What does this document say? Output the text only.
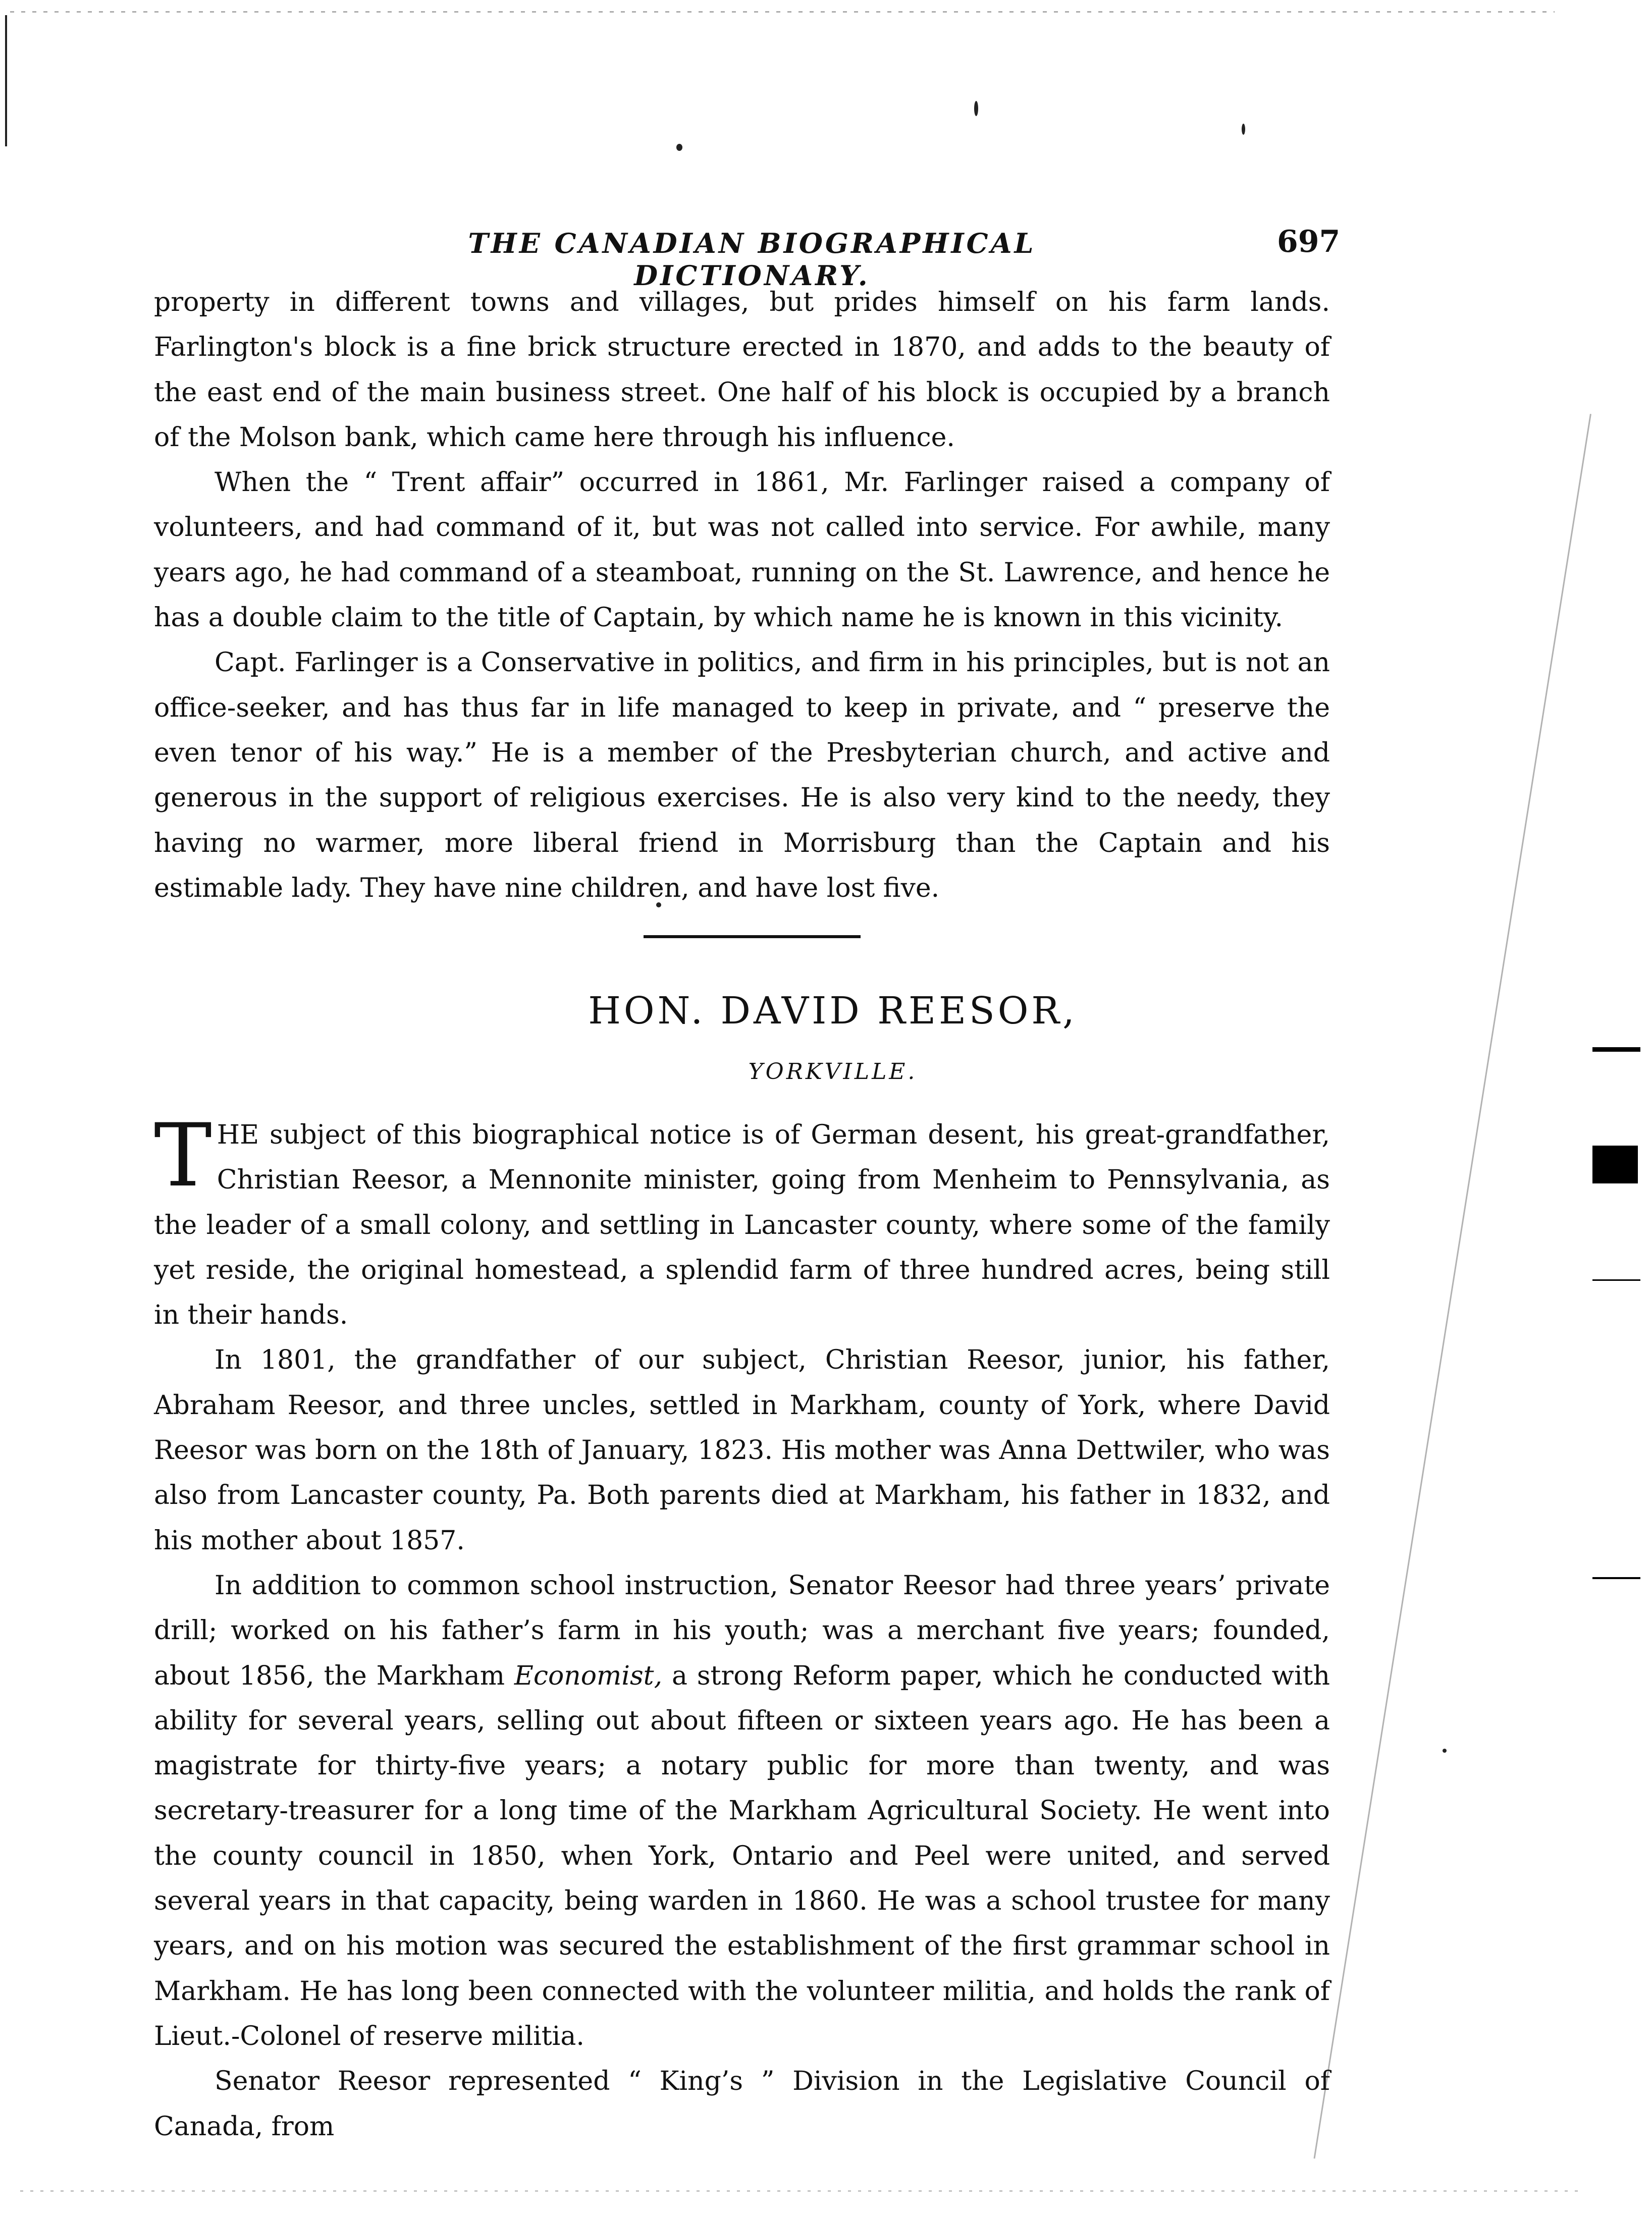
THE CANADIAN BIOGRAPHICAL DICTIONARY.
697

property in different towns and villages, but prides himself on his farm lands. Farlington's block is a fine brick structure erected in 1870, and adds to the beauty of the east end of the main business street. One half of his block is occupied by a branch of the Molson bank, which came here through his influence.

When the “ Trent affair” occurred in 1861, Mr. Farlinger raised a company of volunteers, and had command of it, but was not called into service. For awhile, many years ago, he had command of a steamboat, running on the St. Lawrence, and hence he has a double claim to the title of Captain, by which name he is known in this vicinity.

Capt. Farlinger is a Conservative in politics, and firm in his principles, but is not an office-seeker, and has thus far in life managed to keep in private, and “ preserve the even tenor of his way.” He is a member of the Presbyterian church, and active and generous in the support of religious exercises. He is also very kind to the needy, they having no warmer, more liberal friend in Morrisburg than the Captain and his estimable lady. They have nine children, and have lost five.

HON. DAVID REESOR,
YORKVILLE.

THE subject of this biographical notice is of German desent, his great-grandfather, Christian Reesor, a Mennonite minister, going from Menheim to Pennsylvania, as the leader of a small colony, and settling in Lancaster county, where some of the family yet reside, the original homestead, a splendid farm of three hundred acres, being still in their hands.

In 1801, the grandfather of our subject, Christian Reesor, junior, his father, Abraham Reesor, and three uncles, settled in Markham, county of York, where David Reesor was born on the 18th of January, 1823. His mother was Anna Dettwiler, who was also from Lancaster county, Pa. Both parents died at Markham, his father in 1832, and his mother about 1857.

In addition to common school instruction, Senator Reesor had three years’ private drill; worked on his father’s farm in his youth; was a merchant five years; founded, about 1856, the Markham Economist, a strong Reform paper, which he conducted with ability for several years, selling out about fifteen or sixteen years ago. He has been a magistrate for thirty-five years; a notary public for more than twenty, and was secretary-treasurer for a long time of the Markham Agricultural Society. He went into the county council in 1850, when York, Ontario and Peel were united, and served several years in that capacity, being warden in 1860. He was a school trustee for many years, and on his motion was secured the establishment of the first grammar school in Markham. He has long been connected with the volunteer militia, and holds the rank of Lieut.-Colonel of reserve militia.

Senator Reesor represented “ King’s ” Division in the Legislative Council of Canada, from
